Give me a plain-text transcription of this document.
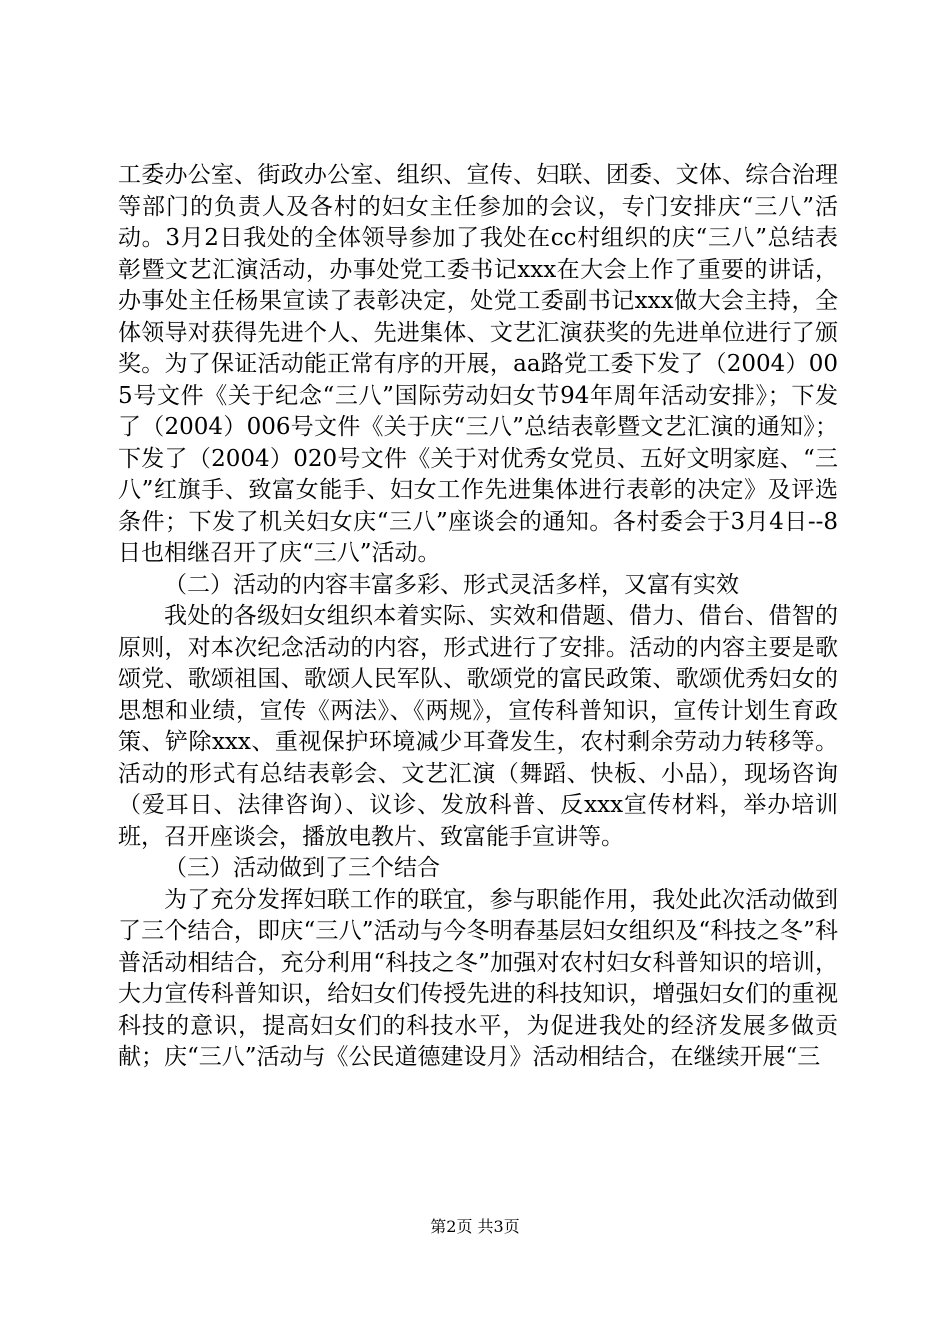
工委办公室、街政办公室、组织、宣传、妇联、团委、文体、综合治理等部门的负责人及各村的妇女主任参加的会议，专门安排庆“三八”活动。3月2日我处的全体领导参加了我处在cc村组织的庆“三八”总结表彰暨文艺汇演活动，办事处党工委书记xxx在大会上作了重要的讲话，办事处主任杨果宣读了表彰决定，处党工委副书记xxx做大会主持，全体领导对获得先进个人、先进集体、文艺汇演获奖的先进单位进行了颁奖。为了保证活动能正常有序的开展，aa路党工委下发了（2004）005号文件《关于纪念“三八”国际劳动妇女节94年周年活动安排》；下发了（2004）006号文件《关于庆“三八”总结表彰暨文艺汇演的通知》；下发了（2004）020号文件《关于对优秀女党员、五好文明家庭、“三八”红旗手、致富女能手、妇女工作先进集体进行表彰的决定》及评选条件；下发了机关妇女庆“三八”座谈会的通知。各村委会于3月4日--8日也相继召开了庆“三八”活动。

（二）活动的内容丰富多彩、形式灵活多样，又富有实效

我处的各级妇女组织本着实际、实效和借题、借力、借台、借智的原则，对本次纪念活动的内容，形式进行了安排。活动的内容主要是歌颂党、歌颂祖国、歌颂人民军队、歌颂党的富民政策、歌颂优秀妇女的思想和业绩，宣传《两法》、《两规》，宣传科普知识，宣传计划生育政策、铲除xxx、重视保护环境减少耳聋发生，农村剩余劳动力转移等。活动的形式有总结表彰会、文艺汇演（舞蹈、快板、小品），现场咨询（爱耳日、法律咨询）、议诊、发放科普、反xxx宣传材料，举办培训班，召开座谈会，播放电教片、致富能手宣讲等。

（三）活动做到了三个结合

为了充分发挥妇联工作的联宜，参与职能作用，我处此次活动做到了三个结合，即庆“三八”活动与今冬明春基层妇女组织及“科技之冬”科普活动相结合，充分利用“科技之冬”加强对农村妇女科普知识的培训，大力宣传科普知识，给妇女们传授先进的科技知识，增强妇女们的重视科技的意识，提高妇女们的科技水平，为促进我处的经济发展多做贡献；庆“三八”活动与《公民道德建设月》活动相结合，在继续开展“三

第2页 共3页
